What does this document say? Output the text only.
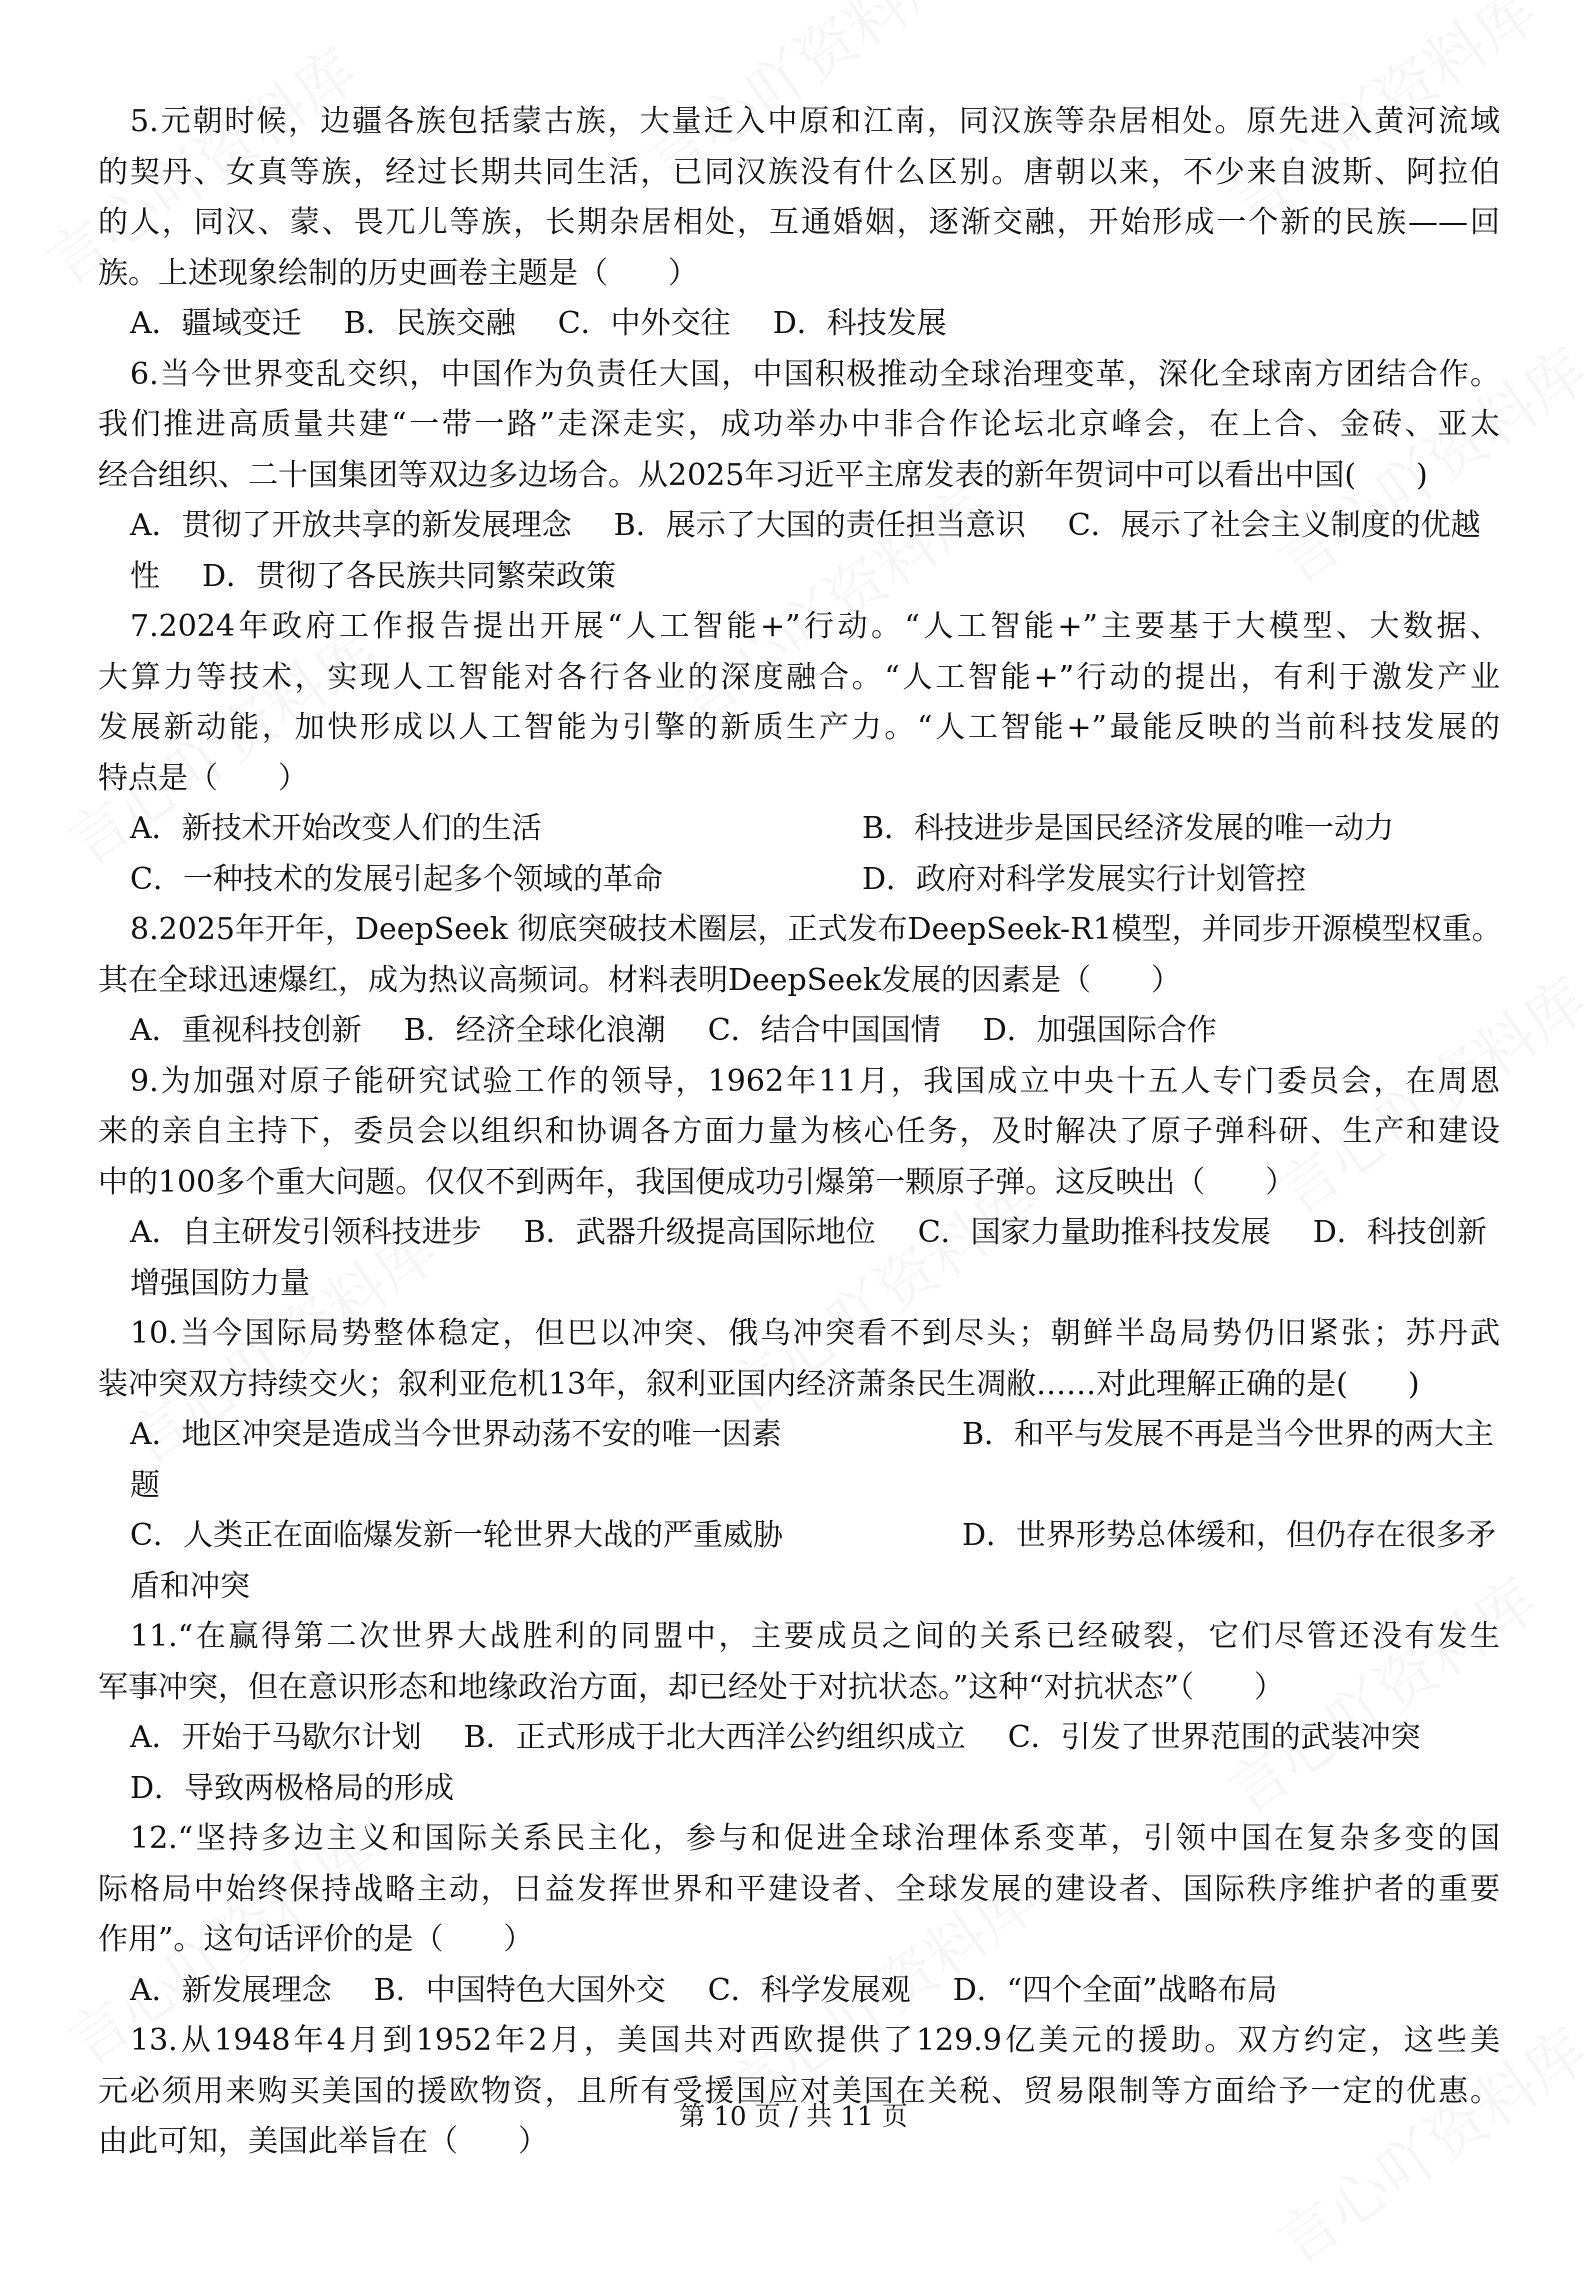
5.元朝时候，边疆各族包括蒙古族，大量迁入中原和江南，同汉族等杂居相处。原先进入黄河流域
的契丹、女真等族，经过长期共同生活，已同汉族没有什么区别。唐朝以来，不少来自波斯、阿拉伯
的人，同汉、蒙、畏兀儿等族，长期杂居相处，互通婚姻，逐渐交融，开始形成一个新的民族——回
族。上述现象绘制的历史画卷主题是（　　）
A．疆域变迁 B．民族交融 C．中外交往 D．科技发展
6.当今世界变乱交织，中国作为负责任大国，中国积极推动全球治理变革，深化全球南方团结合作。
我们推进高质量共建“一带一路”走深走实，成功举办中非合作论坛北京峰会，在上合、金砖、亚太
经合组织、二十国集团等双边多边场合。从2025年习近平主席发表的新年贺词中可以看出中国(　　)
A．贯彻了开放共享的新发展理念 B．展示了大国的责任担当意识 C．展示了社会主义制度的优越性 D．贯彻了各民族共同繁荣政策
7.2024年政府工作报告提出开展“人工智能+”行动。“人工智能+”主要基于大模型、大数据、
大算力等技术，实现人工智能对各行各业的深度融合。“人工智能+”行动的提出，有利于激发产业
发展新动能，加快形成以人工智能为引擎的新质生产力。“人工智能+”最能反映的当前科技发展的
特点是（　　）
A．新技术开始改变人们的生活	B．科技进步是国民经济发展的唯一动力
C．一种技术的发展引起多个领域的革命	D．政府对科学发展实行计划管控
8.2025年开年，DeepSeek 彻底突破技术圈层，正式发布DeepSeek-R1模型，并同步开源模型权重。
其在全球迅速爆红，成为热议高频词。材料表明DeepSeek发展的因素是（　　）
A．重视科技创新 B．经济全球化浪潮 C．结合中国国情 D．加强国际合作
9.为加强对原子能研究试验工作的领导，1962年11月，我国成立中央十五人专门委员会，在周恩
来的亲自主持下，委员会以组织和协调各方面力量为核心任务，及时解决了原子弹科研、生产和建设
中的100多个重大问题。仅仅不到两年，我国便成功引爆第一颗原子弹。这反映出（　　）
A．自主研发引领科技进步 B．武器升级提高国际地位 C．国家力量助推科技发展 D．科技创新增强国防力量
10.当今国际局势整体稳定，但巴以冲突、俄乌冲突看不到尽头；朝鲜半岛局势仍旧紧张；苏丹武
装冲突双方持续交火；叙利亚危机13年，叙利亚国内经济萧条民生凋敝……对此理解正确的是(　　)
A．地区冲突是造成当今世界动荡不安的唯一因素	B．和平与发展不再是当今世界的两大主题
C．人类正在面临爆发新一轮世界大战的严重威胁	D．世界形势总体缓和，但仍存在很多矛盾和冲突
11.“在赢得第二次世界大战胜利的同盟中，主要成员之间的关系已经破裂，它们尽管还没有发生
军事冲突，但在意识形态和地缘政治方面，却已经处于对抗状态。”这种“对抗状态”（　　）
A．开始于马歇尔计划 B．正式形成于北大西洋公约组织成立 C．引发了世界范围的武装冲突D．导致两极格局的形成
12.“坚持多边主义和国际关系民主化，参与和促进全球治理体系变革，引领中国在复杂多变的国
际格局中始终保持战略主动，日益发挥世界和平建设者、全球发展的建设者、国际秩序维护者的重要
作用”。这句话评价的是（　　）
A．新发展理念 B．中国特色大国外交 C．科学发展观 D．“四个全面”战略布局
13.从1948年4月到1952年2月，美国共对西欧提供了129.9亿美元的援助。双方约定，这些美
元必须用来购买美国的援欧物资，且所有受援国应对美国在关税、贸易限制等方面给予一定的优惠。
由此可知，美国此举旨在（　　）
第 10 页 / 共 11 页
